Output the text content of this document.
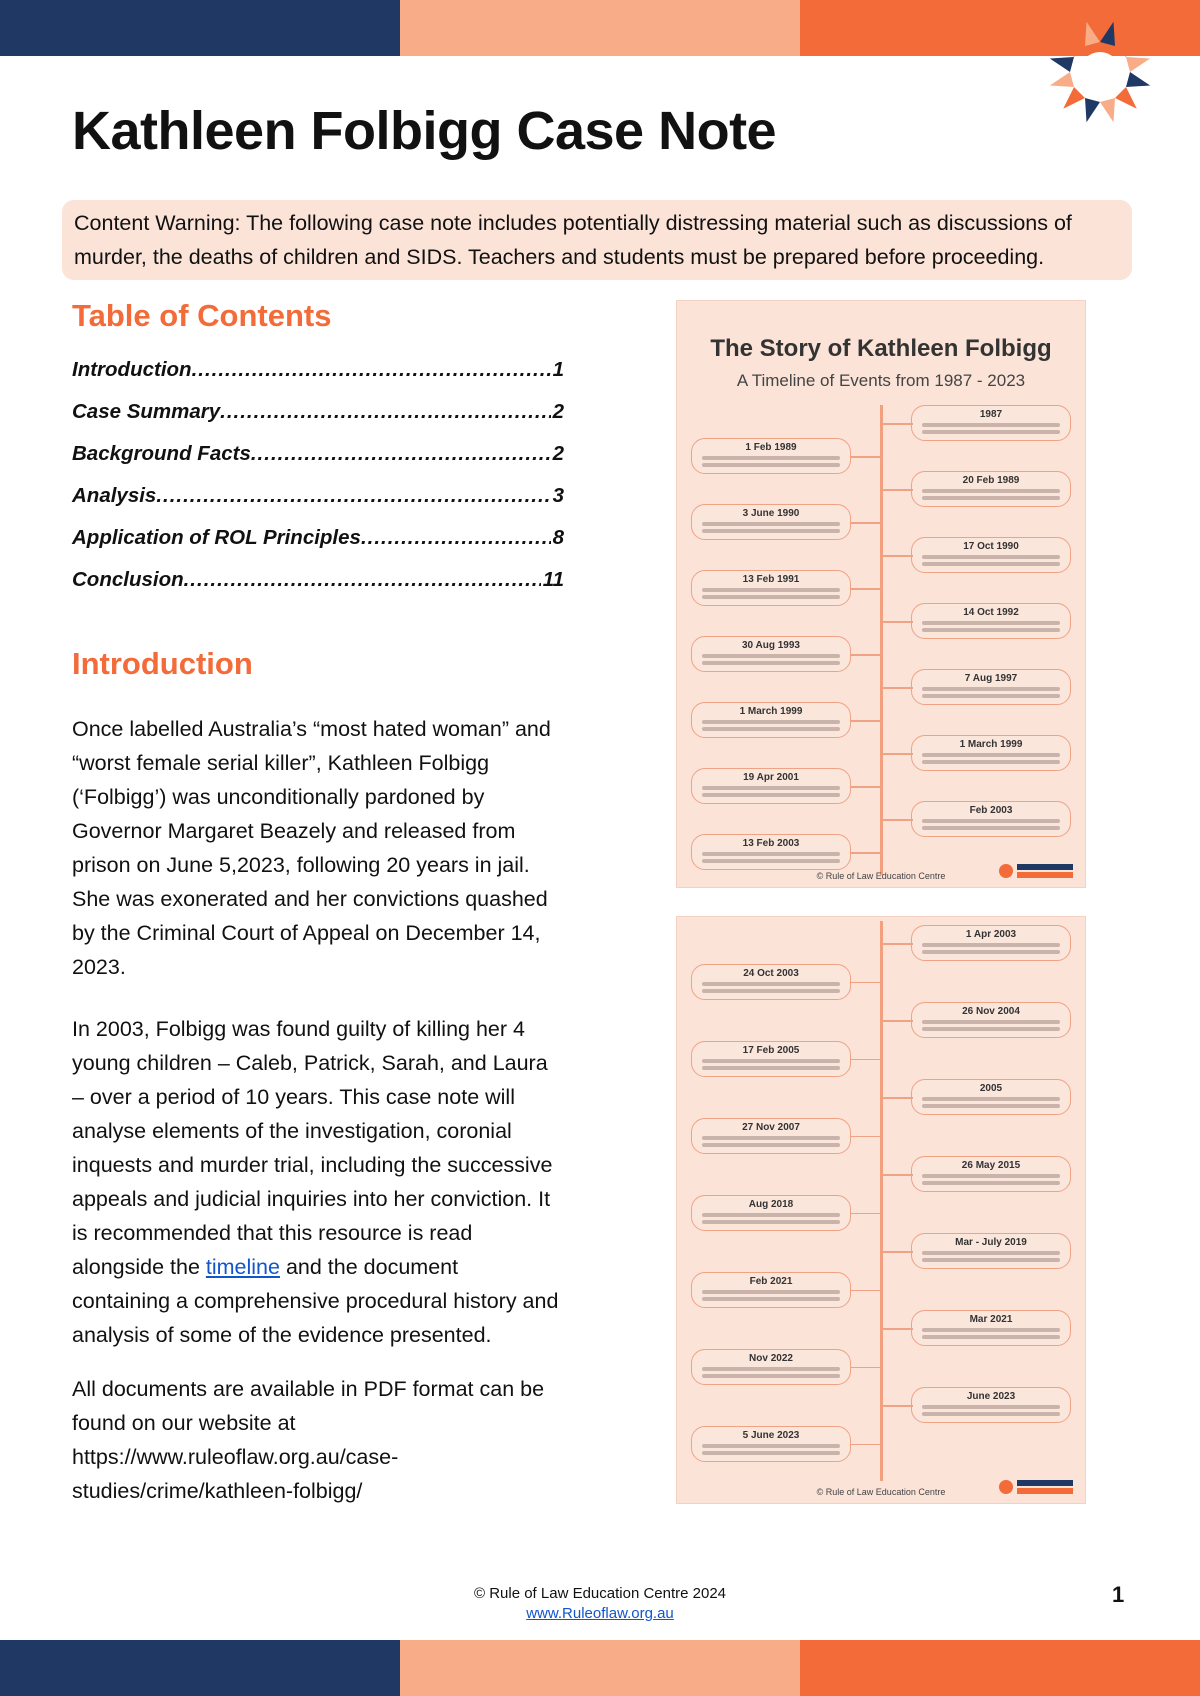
Kathleen Folbigg Case Note
Content Warning: The following case note includes potentially distressing material such as discussions of murder, the deaths of children and SIDS. Teachers and students must be prepared before proceeding.
Table of Contents
Introduction .....	1
Case Summary .....	2
Background Facts .....	2
Analysis .....	3
Application of ROL Principles .....	8
Conclusion .....	11
Introduction

Once labelled Australia’s “most hated woman” and “worst female serial killer”, Kathleen Folbigg (‘Folbigg’) was unconditionally pardoned by Governor Margaret Beazely and released from prison on June 5,2023, following 20 years in jail. She was exonerated and her convictions quashed by the Criminal Court of Appeal on December 14, 2023.

In 2003, Folbigg was found guilty of killing her 4 young children – Caleb, Patrick, Sarah, and Laura – over a period of 10 years. This case note will analyse elements of the investigation, coronial inquests and murder trial, including the successive appeals and judicial inquiries into her conviction. It is recommended that this resource is read alongside the timeline and the document containing a comprehensive procedural history and analysis of some of the evidence presented.

All documents are available in PDF format can be found on our website at https://www.ruleoflaw.org.au/case-studies/crime/kathleen-folbigg/

The Story of Kathleen Folbigg
A Timeline of Events from 1987 - 2023
1987
1 Feb 1989
20 Feb 1989
3 June 1990
17 Oct 1990
13 Feb 1991
14 Oct 1992
30 Aug 1993
7 Aug 1997
1 March 1999
1 March 1999
19 Apr 2001
Feb 2003
13 Feb 2003
© Rule of Law Education Centre
1 Apr 2003
24 Oct 2003
26 Nov 2004
17 Feb 2005
2005
27 Nov 2007
26 May 2015
Aug 2018
Mar - July 2019
Feb 2021
Mar 2021
Nov 2022
June 2023
5 June 2023
© Rule of Law Education Centre
© Rule of Law Education Centre 2024
www.Ruleoflaw.org.au
1
